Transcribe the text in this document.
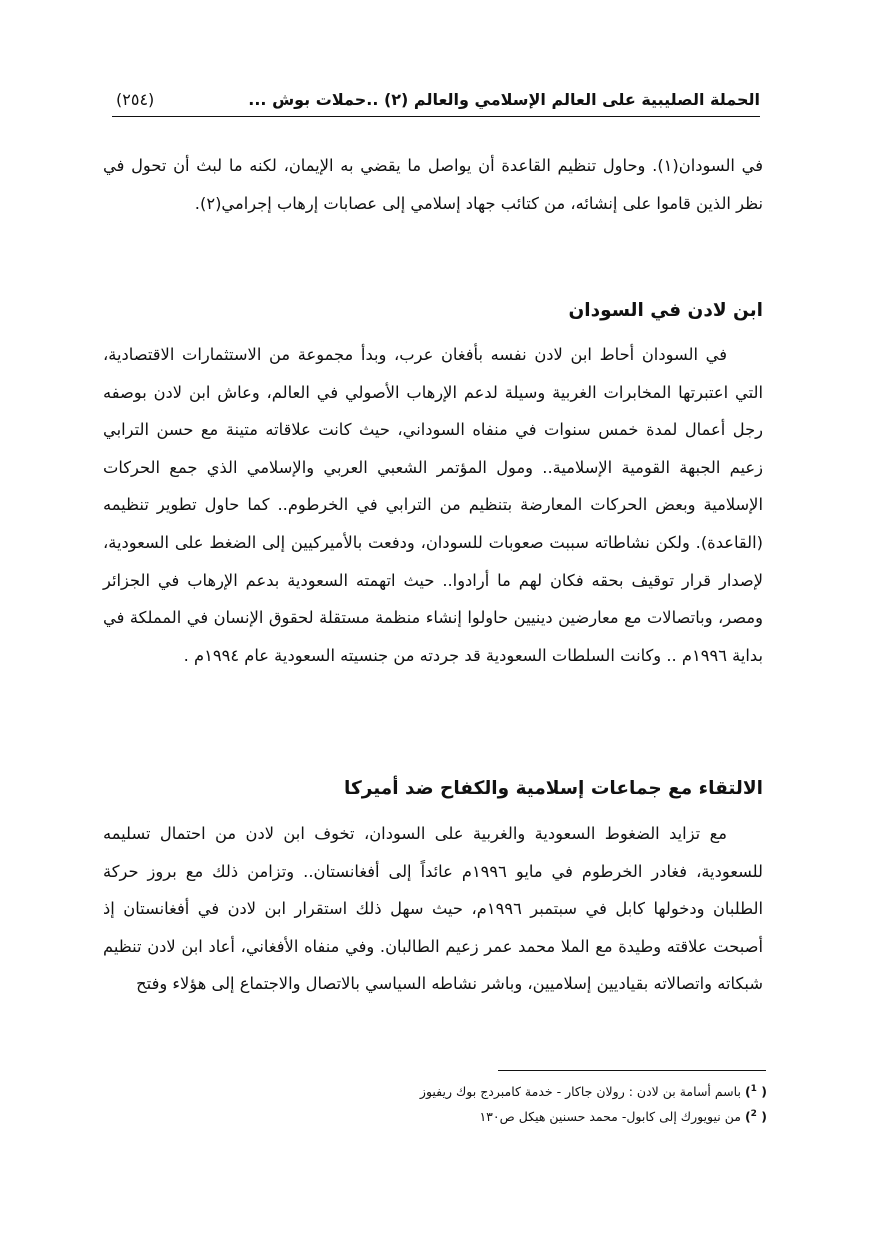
الحملة الصليبية على العالم الإسلامي والعالم (٢) ..حملات بوش ...
(٢٥٤)

في السودان(١). وحاول تنظيم القاعدة أن يواصل ما يقضي به الإيمان، لكنه ما لبث أن تحول في نظر الذين قاموا على إنشائه، من كتائب جهاد إسلامي إلى عصابات إرهاب إجرامي(٢).

ابن لادن في السودان

في السودان أحاط ابن لادن نفسه بأفغان عرب، وبدأ مجموعة من الاستثمارات الاقتصادية، التي اعتبرتها المخابرات الغربية وسيلة لدعم الإرهاب الأصولي في العالم، وعاش ابن لادن بوصفه رجل أعمال لمدة خمس سنوات في منفاه السوداني، حيث كانت علاقاته متينة مع حسن الترابي زعيم الجبهة القومية الإسلامية.. ومول المؤتمر الشعبي العربي والإسلامي الذي جمع الحركات الإسلامية وبعض الحركات المعارضة بتنظيم من الترابي في الخرطوم.. كما حاول تطوير تنظيمه (القاعدة). ولكن نشاطاته سببت صعوبات للسودان، ودفعت بالأميركيين إلى الضغط على السعودية، لإصدار قرار توقيف بحقه فكان لهم ما أرادوا.. حيث اتهمته السعودية بدعم الإرهاب في الجزائر ومصر، وباتصالات مع معارضين دينيين حاولوا إنشاء منظمة مستقلة لحقوق الإنسان في المملكة في بداية ١٩٩٦م .. وكانت السلطات السعودية قد جردته من جنسيته السعودية عام ١٩٩٤م .

الالتقاء مع جماعات إسلامية والكفاح ضد أميركا

مع تزايد الضغوط السعودية والغربية على السودان، تخوف ابن لادن من احتمال تسليمه للسعودية، فغادر الخرطوم في مايو ١٩٩٦م عائداً إلى أفغانستان.. وتزامن ذلك مع بروز حركة الطلبان ودخولها كابل في سبتمبر ١٩٩٦م، حيث سهل ذلك استقرار ابن لادن في أفغانستان إذ أصبحت علاقته وطيدة مع الملا محمد عمر زعيم الطالبان. وفي منفاه الأفغاني، أعاد ابن لادن تنظيم شبكاته واتصالاته بقياديين إسلاميين، وباشر نشاطه السياسي بالاتصال والاجتماع إلى هؤلاء وفتح

( $^1$) باسم أسامة بن لادن : رولان جاكار - خدمة كامبردج بوك ريفيوز
( $^2$) من نيويورك إلى كابول- محمد حسنين هيكل ص١٣٠
